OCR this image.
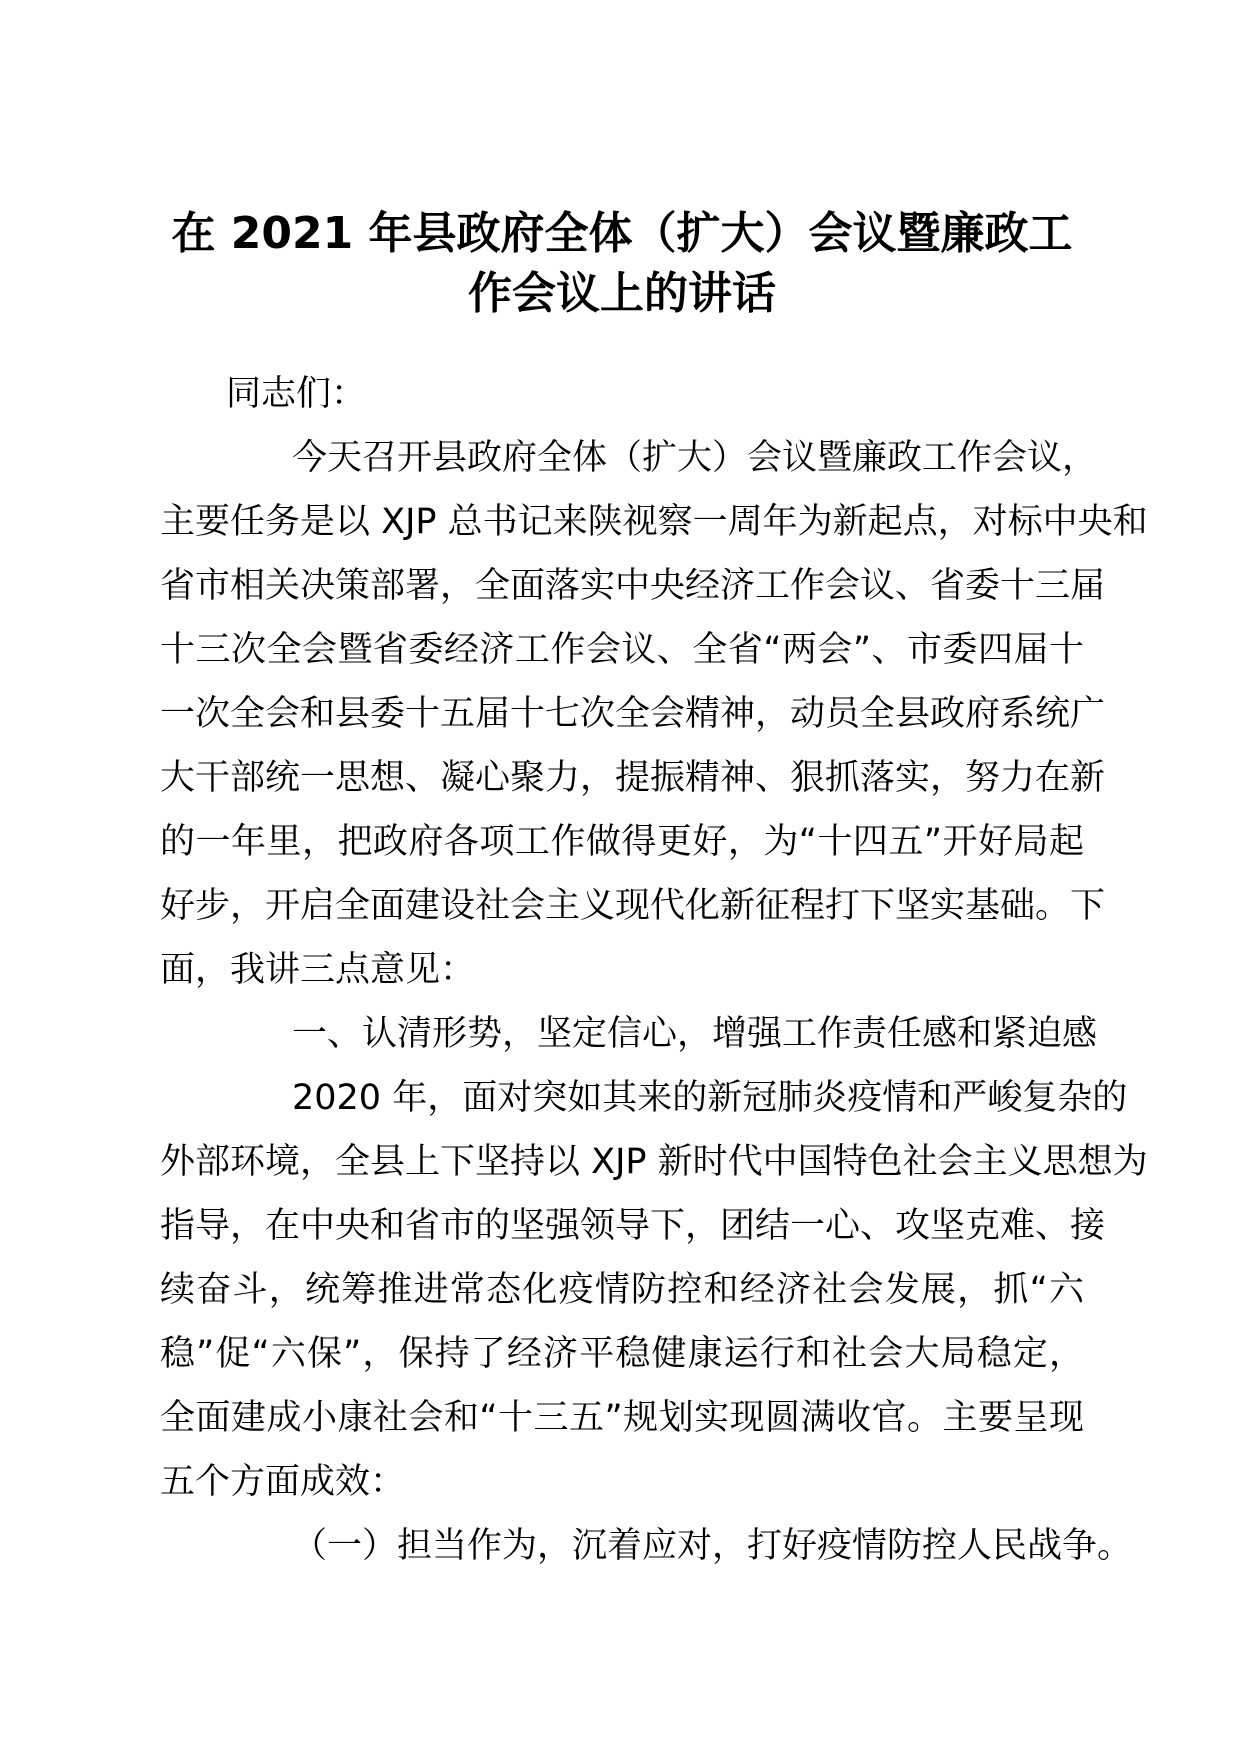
在 2021 年县政府全体（扩大）会议暨廉政工
作会议上的讲话
同志们：
今天召开县政府全体（扩大）会议暨廉政工作会议，
主要任务是以 XJP 总书记来陕视察一周年为新起点，对标中央和
省市相关决策部署，全面落实中央经济工作会议、省委十三届
十三次全会暨省委经济工作会议、全省“两会”、市委四届十
一次全会和县委十五届十七次全会精神，动员全县政府系统广
大干部统一思想、凝心聚力，提振精神、狠抓落实，努力在新
的一年里，把政府各项工作做得更好，为“十四五”开好局起
好步，开启全面建设社会主义现代化新征程打下坚实基础。下
面，我讲三点意见：
一、认清形势，坚定信心，增强工作责任感和紧迫感
2020 年，面对突如其来的新冠肺炎疫情和严峻复杂的
外部环境，全县上下坚持以 XJP 新时代中国特色社会主义思想为
指导，在中央和省市的坚强领导下，团结一心、攻坚克难、接
续奋斗，统筹推进常态化疫情防控和经济社会发展，抓“六
稳”促“六保”，保持了经济平稳健康运行和社会大局稳定，
全面建成小康社会和“十三五”规划实现圆满收官。主要呈现
五个方面成效：
（一）担当作为，沉着应对，打好疫情防控人民战争。
